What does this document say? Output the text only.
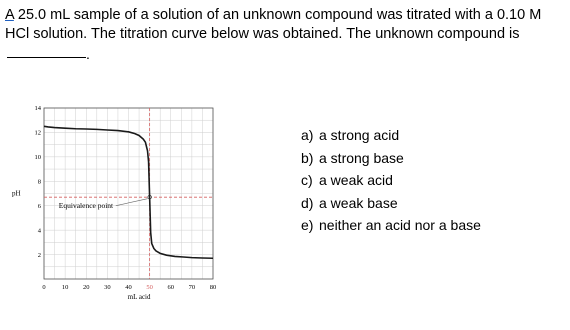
A 25.0 mL sample of a solution of an unknown compound was titrated with a 0.10 M HCl solution. The titration curve below was obtained. The unknown compound is
.
0	10 20 30 40 50 60 70 80
2
4
6
8
10
12
14
pH
mL acid
Equivalence point
a) a strong acid
b) a strong base
c) a weak acid
d) a weak base
e) neither an acid nor a base
